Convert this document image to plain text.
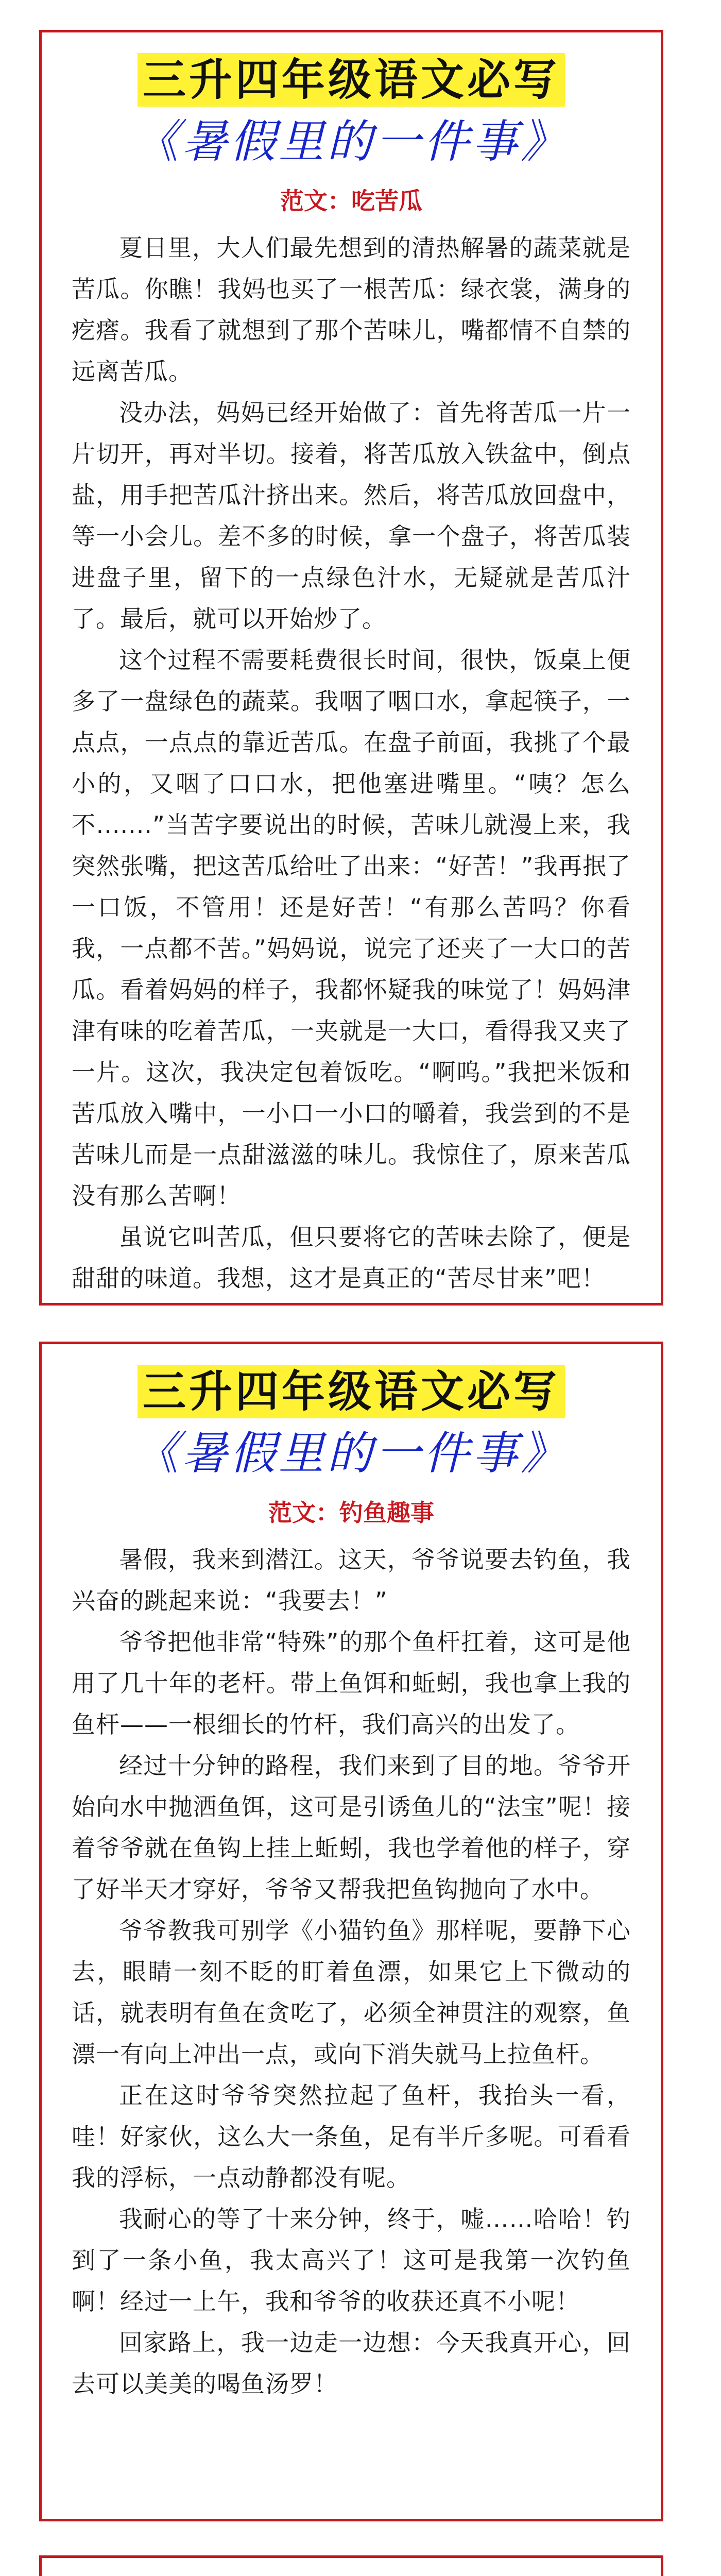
三升四年级语文必写
《暑假里的一件事》
范文：吃苦瓜

夏日里，大人们最先想到的清热解暑的蔬菜就是苦瓜。你瞧！我妈也买了一根苦瓜：绿衣裳，满身的疙瘩。我看了就想到了那个苦味儿，嘴都情不自禁的远离苦瓜。

没办法，妈妈已经开始做了：首先将苦瓜一片一片切开，再对半切。接着，将苦瓜放入铁盆中，倒点盐，用手把苦瓜汁挤出来。然后，将苦瓜放回盘中，等一小会儿。差不多的时候，拿一个盘子，将苦瓜装进盘子里，留下的一点绿色汁水，无疑就是苦瓜汁了。最后，就可以开始炒了。

这个过程不需要耗费很长时间，很快，饭桌上便多了一盘绿色的蔬菜。我咽了咽口水，拿起筷子，一点点，一点点的靠近苦瓜。在盘子前面，我挑了个最小的，又咽了口口水，把他塞进嘴里。“咦？怎么不.......”当苦字要说出的时候，苦味儿就漫上来，我突然张嘴，把这苦瓜给吐了出来：“好苦！”我再抿了一口饭，不管用！还是好苦！“有那么苦吗？你看我，一点都不苦。”妈妈说，说完了还夹了一大口的苦瓜。看着妈妈的样子，我都怀疑我的味觉了！妈妈津津有味的吃着苦瓜，一夹就是一大口，看得我又夹了一片。这次，我决定包着饭吃。“啊呜。”我把米饭和苦瓜放入嘴中，一小口一小口的嚼着，我尝到的不是苦味儿而是一点甜滋滋的味儿。我惊住了，原来苦瓜没有那么苦啊！

虽说它叫苦瓜，但只要将它的苦味去除了，便是甜甜的味道。我想，这才是真正的“苦尽甘来”吧！

三升四年级语文必写
《暑假里的一件事》
范文：钓鱼趣事

暑假，我来到潜江。这天，爷爷说要去钓鱼，我兴奋的跳起来说：“我要去！”

爷爷把他非常“特殊”的那个鱼杆扛着，这可是他用了几十年的老杆。带上鱼饵和蚯蚓，我也拿上我的鱼杆——一根细长的竹杆，我们高兴的出发了。

经过十分钟的路程，我们来到了目的地。爷爷开始向水中抛洒鱼饵，这可是引诱鱼儿的“法宝”呢！接着爷爷就在鱼钩上挂上蚯蚓，我也学着他的样子，穿了好半天才穿好，爷爷又帮我把鱼钩抛向了水中。

爷爷教我可别学《小猫钓鱼》那样呢，要静下心去，眼睛一刻不眨的盯着鱼漂，如果它上下微动的话，就表明有鱼在贪吃了，必须全神贯注的观察，鱼漂一有向上冲出一点，或向下消失就马上拉鱼杆。

正在这时爷爷突然拉起了鱼杆，我抬头一看，哇！好家伙，这么大一条鱼，足有半斤多呢。可看看我的浮标，一点动静都没有呢。

我耐心的等了十来分钟，终于，嘘……哈哈！钓到了一条小鱼，我太高兴了！这可是我第一次钓鱼啊！经过一上午，我和爷爷的收获还真不小呢！

回家路上，我一边走一边想：今天我真开心，回去可以美美的喝鱼汤罗！
